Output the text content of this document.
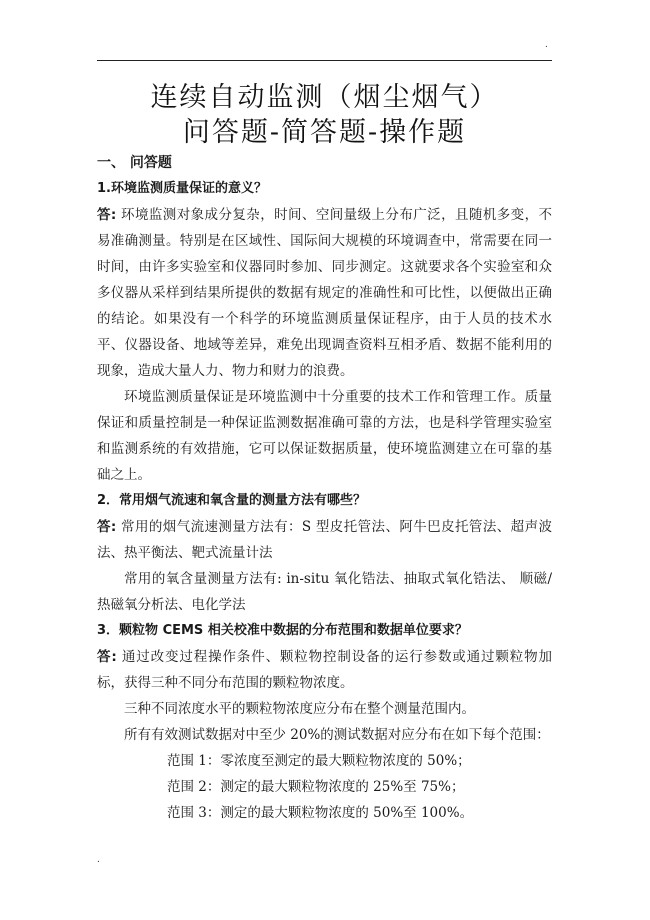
.
连续自动监测（烟尘烟气）
问答题-简答题-操作题

一、 问答题

1.环境监测质量保证的意义？

答: 环境监测对象成分复杂，时间、空间量级上分布广泛，且随机多变，不易准确测量。特别是在区域性、国际间大规模的环境调查中，常需要在同一时间，由许多实验室和仪器同时参加、同步测定。这就要求各个实验室和众多仪器从采样到结果所提供的数据有规定的准确性和可比性，以便做出正确的结论。如果没有一个科学的环境监测质量保证程序，由于人员的技术水平、仪器设备、地域等差异，难免出现调查资料互相矛盾、数据不能利用的现象，造成大量人力、物力和财力的浪费。

环境监测质量保证是环境监测中十分重要的技术工作和管理工作。质量保证和质量控制是一种保证监测数据准确可靠的方法，也是科学管理实验室和监测系统的有效措施，它可以保证数据质量，使环境监测建立在可靠的基础之上。

2．常用烟气流速和氧含量的测量方法有哪些？

答: 常用的烟气流速测量方法有：S 型皮托管法、阿牛巴皮托管法、超声波法、热平衡法、靶式流量计法

常用的氧含量测量方法有: in-situ 氧化锆法、抽取式氧化锆法、 顺磁/热磁氧分析法、电化学法

3．颗粒物 CEMS 相关校准中数据的分布范围和数据单位要求？

答: 通过改变过程操作条件、颗粒物控制设备的运行参数或通过颗粒物加标，获得三种不同分布范围的颗粒物浓度。

三种不同浓度水平的颗粒物浓度应分布在整个测量范围内。

所有有效测试数据对中至少 20%的测试数据对应分布在如下每个范围：

范围 1：零浓度至测定的最大颗粒物浓度的 50%；

范围 2：测定的最大颗粒物浓度的 25%至 75%；

范围 3：测定的最大颗粒物浓度的 50%至 100%。

.
